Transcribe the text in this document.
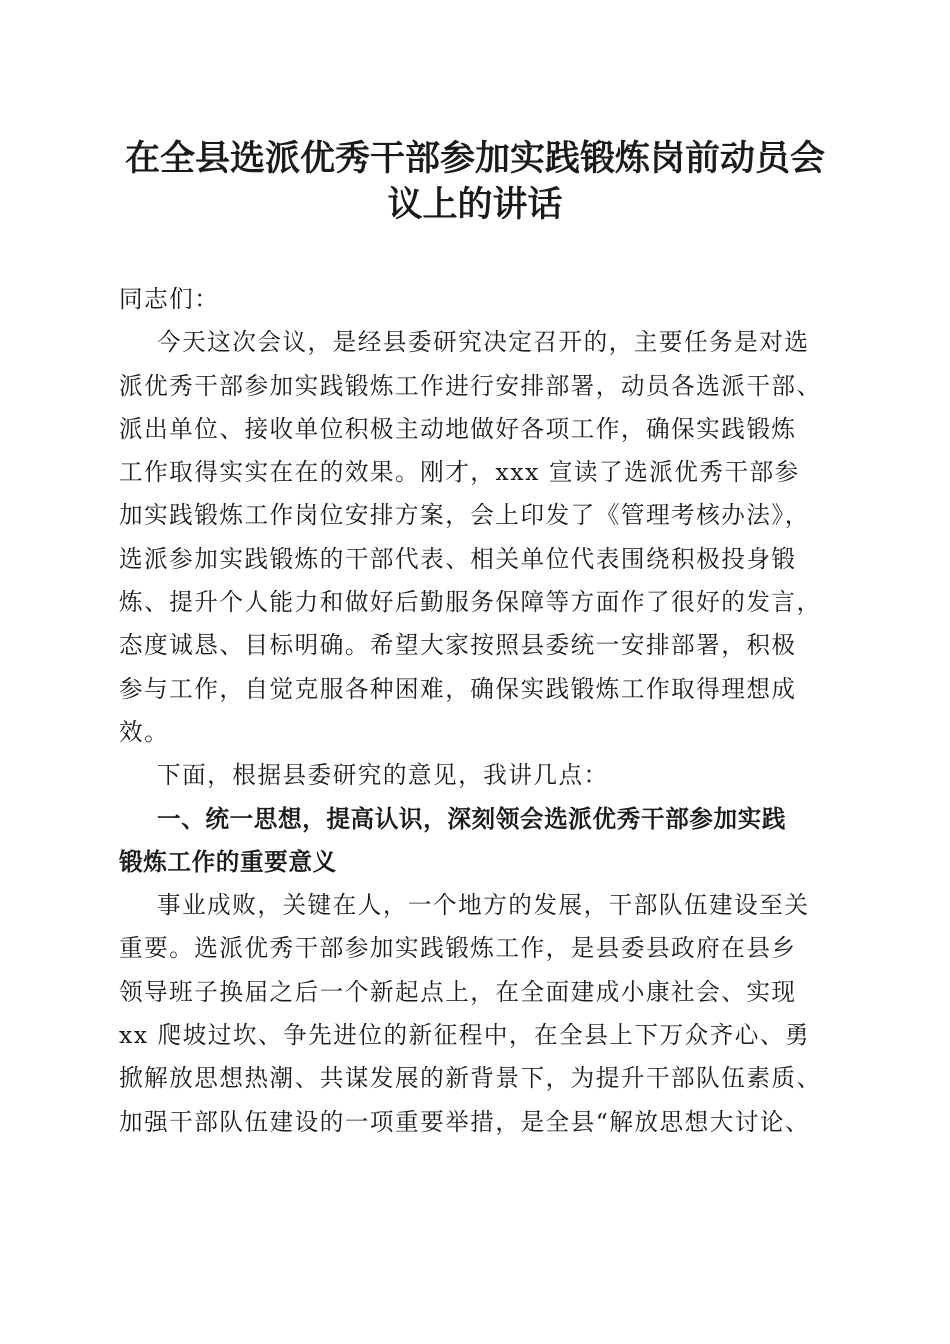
在全县选派优秀干部参加实践锻炼岗前动员会
议上的讲话
同志们：
今天这次会议，是经县委研究决定召开的，主要任务是对选
派优秀干部参加实践锻炼工作进行安排部署，动员各选派干部、
派出单位、接收单位积极主动地做好各项工作，确保实践锻炼
工作取得实实在在的效果。刚才，xxx 宣读了选派优秀干部参
加实践锻炼工作岗位安排方案，会上印发了《管理考核办法》，
选派参加实践锻炼的干部代表、相关单位代表围绕积极投身锻
炼、提升个人能力和做好后勤服务保障等方面作了很好的发言，
态度诚恳、目标明确。希望大家按照县委统一安排部署，积极
参与工作，自觉克服各种困难，确保实践锻炼工作取得理想成
效。
下面，根据县委研究的意见，我讲几点：
一、统一思想，提高认识，深刻领会选派优秀干部参加实践
锻炼工作的重要意义
事业成败，关键在人，一个地方的发展，干部队伍建设至关
重要。选派优秀干部参加实践锻炼工作，是县委县政府在县乡
领导班子换届之后一个新起点上，在全面建成小康社会、实现
xx 爬坡过坎、争先进位的新征程中，在全县上下万众齐心、勇
掀解放思想热潮、共谋发展的新背景下，为提升干部队伍素质、
加强干部队伍建设的一项重要举措，是全县“解放思想大讨论、
